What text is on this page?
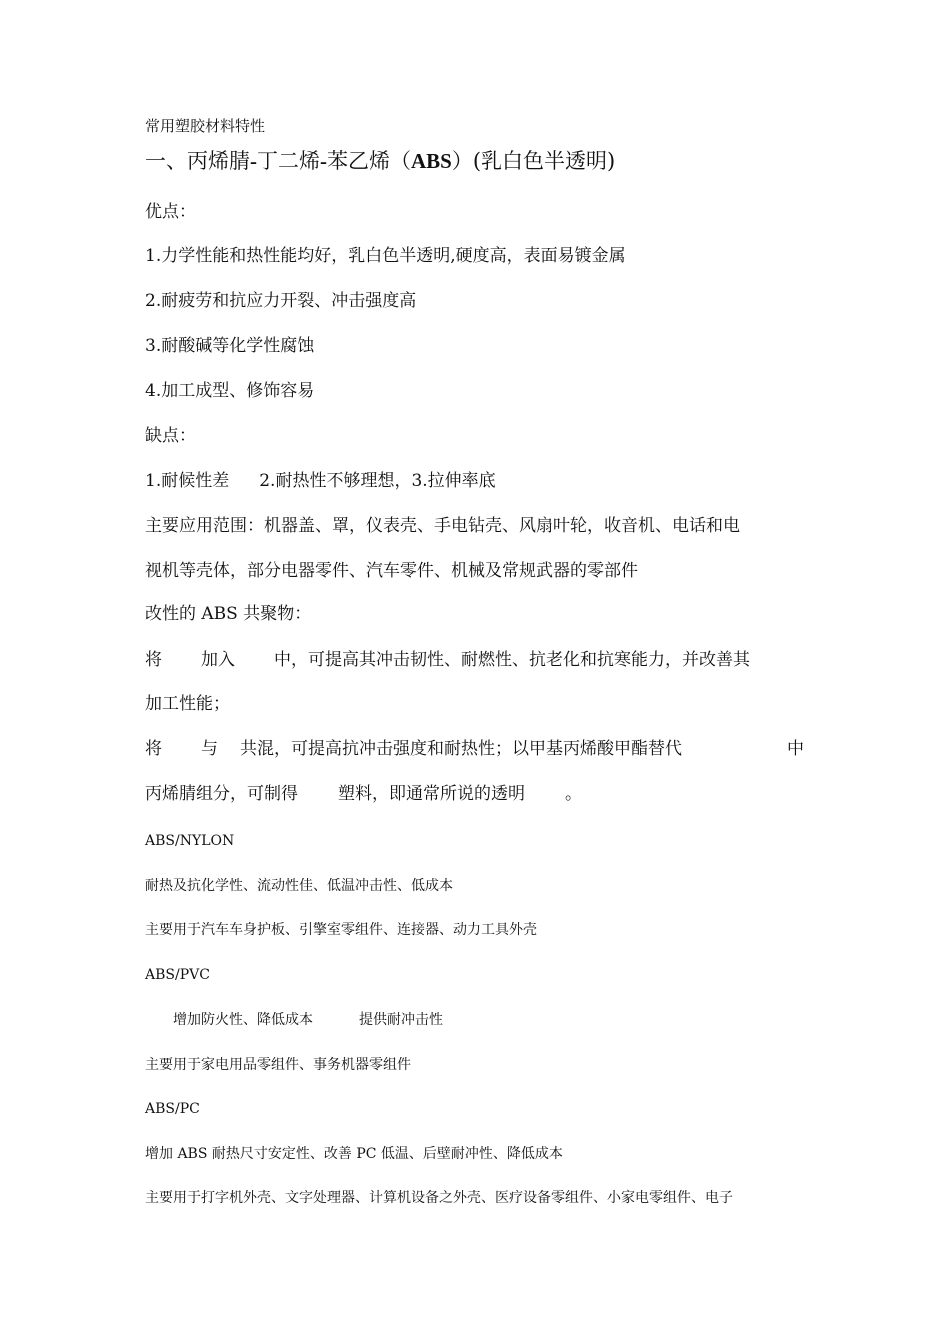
常用塑胶材料特性
一、丙烯腈-丁二烯-苯乙烯（ABS）(乳白色半透明)
优点：
1.力学性能和热性能均好，乳白色半透明,硬度高，表面易镀金属
2.耐疲劳和抗应力开裂、冲击强度高
3.耐酸碱等化学性腐蚀
4.加工成型、修饰容易
缺点：
1.耐候性差 2.耐热性不够理想，3.拉伸率底
主要应用范围：机器盖、罩，仪表壳、手电钻壳、风扇叶轮，收音机、电话和电
视机等壳体，部分电器零件、汽车零件、机械及常规武器的零部件
改性的 ABS 共聚物：
将 加入 中，可提高其冲击韧性、耐燃性、抗老化和抗寒能力，并改善其
加工性能；
将 与 共混，可提高抗冲击强度和耐热性；以甲基丙烯酸甲酯替代	中
丙烯腈组分，可制得 塑料，即通常所说的透明 。
ABS/NYLON
耐热及抗化学性、流动性佳、低温冲击性、低成本
主要用于汽车车身护板、引擎室零组件、连接器、动力工具外壳
ABS/PVC
增加防火性、降低成本	提供耐冲击性
主要用于家电用品零组件、事务机器零组件
ABS/PC
增加 ABS 耐热尺寸安定性、改善 PC 低温、后壁耐冲性、降低成本
主要用于打字机外壳、文字处理器、计算机设备之外壳、医疗设备零组件、小家电零组件、电子
